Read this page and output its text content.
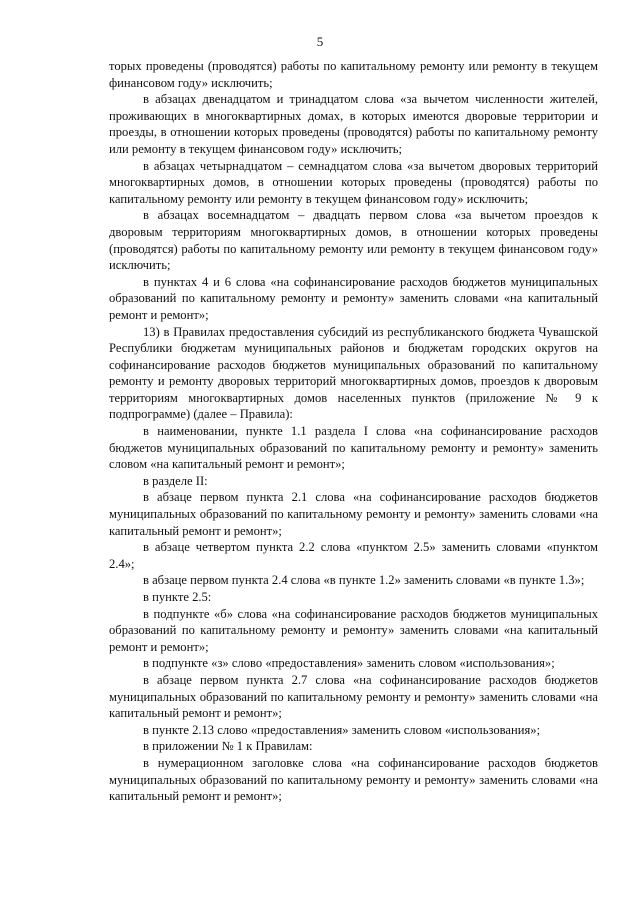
5

торых проведены (проводятся) работы по капитальному ремонту или ремонту в текущем финансовом году» исключить;

в абзацах двенадцатом и тринадцатом слова «за вычетом численности жителей, проживающих в многоквартирных домах, в которых имеются дворовые территории и проезды, в отношении которых проведены (проводятся) работы по капитальному ремонту или ремонту в текущем финансовом году» исключить;

в абзацах четырнадцатом – семнадцатом слова «за вычетом дворовых территорий многоквартирных домов, в отношении которых проведены (проводятся) работы по капитальному ремонту или ремонту в текущем финансовом году» исключить;

в абзацах восемнадцатом – двадцать первом слова «за вычетом проездов к дворовым территориям многоквартирных домов, в отношении которых проведены (проводятся) работы по капитальному ремонту или ремонту в текущем финансовом году» исключить;

в пунктах 4 и 6 слова «на софинансирование расходов бюджетов муниципальных образований по капитальному ремонту и ремонту» заменить словами «на капитальный ремонт и ремонт»;

13) в Правилах предоставления субсидий из республиканского бюджета Чувашской Республики бюджетам муниципальных районов и бюджетам городских округов на софинансирование расходов бюджетов муниципальных образований по капитальному ремонту и ремонту дворовых территорий многоквартирных домов, проездов к дворовым территориям многоквартирных домов населенных пунктов (приложение № 9 к подпрограмме) (далее – Правила):

в наименовании, пункте 1.1 раздела I слова «на софинансирование расходов бюджетов муниципальных образований по капитальному ремонту и ремонту» заменить словом «на капитальный ремонт и ремонт»;

в разделе II:

в абзаце первом пункта 2.1 слова «на софинансирование расходов бюджетов муниципальных образований по капитальному ремонту и ремонту» заменить словами «на капитальный ремонт и ремонт»;

в абзаце четвертом пункта 2.2 слова «пунктом 2.5» заменить словами «пунктом 2.4»;

в абзаце первом пункта 2.4 слова «в пункте 1.2» заменить словами «в пункте 1.3»;

в пункте 2.5:

в подпункте «б» слова «на софинансирование расходов бюджетов муниципальных образований по капитальному ремонту и ремонту» заменить словами «на капитальный ремонт и ремонт»;

в подпункте «з» слово «предоставления» заменить словом «использования»;

в абзаце первом пункта 2.7 слова «на софинансирование расходов бюджетов муниципальных образований по капитальному ремонту и ремонту» заменить словами «на капитальный ремонт и ремонт»;

в пункте 2.13 слово «предоставления» заменить словом «использования»;

в приложении № 1 к Правилам:

в нумерационном заголовке слова «на софинансирование расходов бюджетов муниципальных образований по капитальному ремонту и ремонту» заменить словами «на капитальный ремонт и ремонт»;
